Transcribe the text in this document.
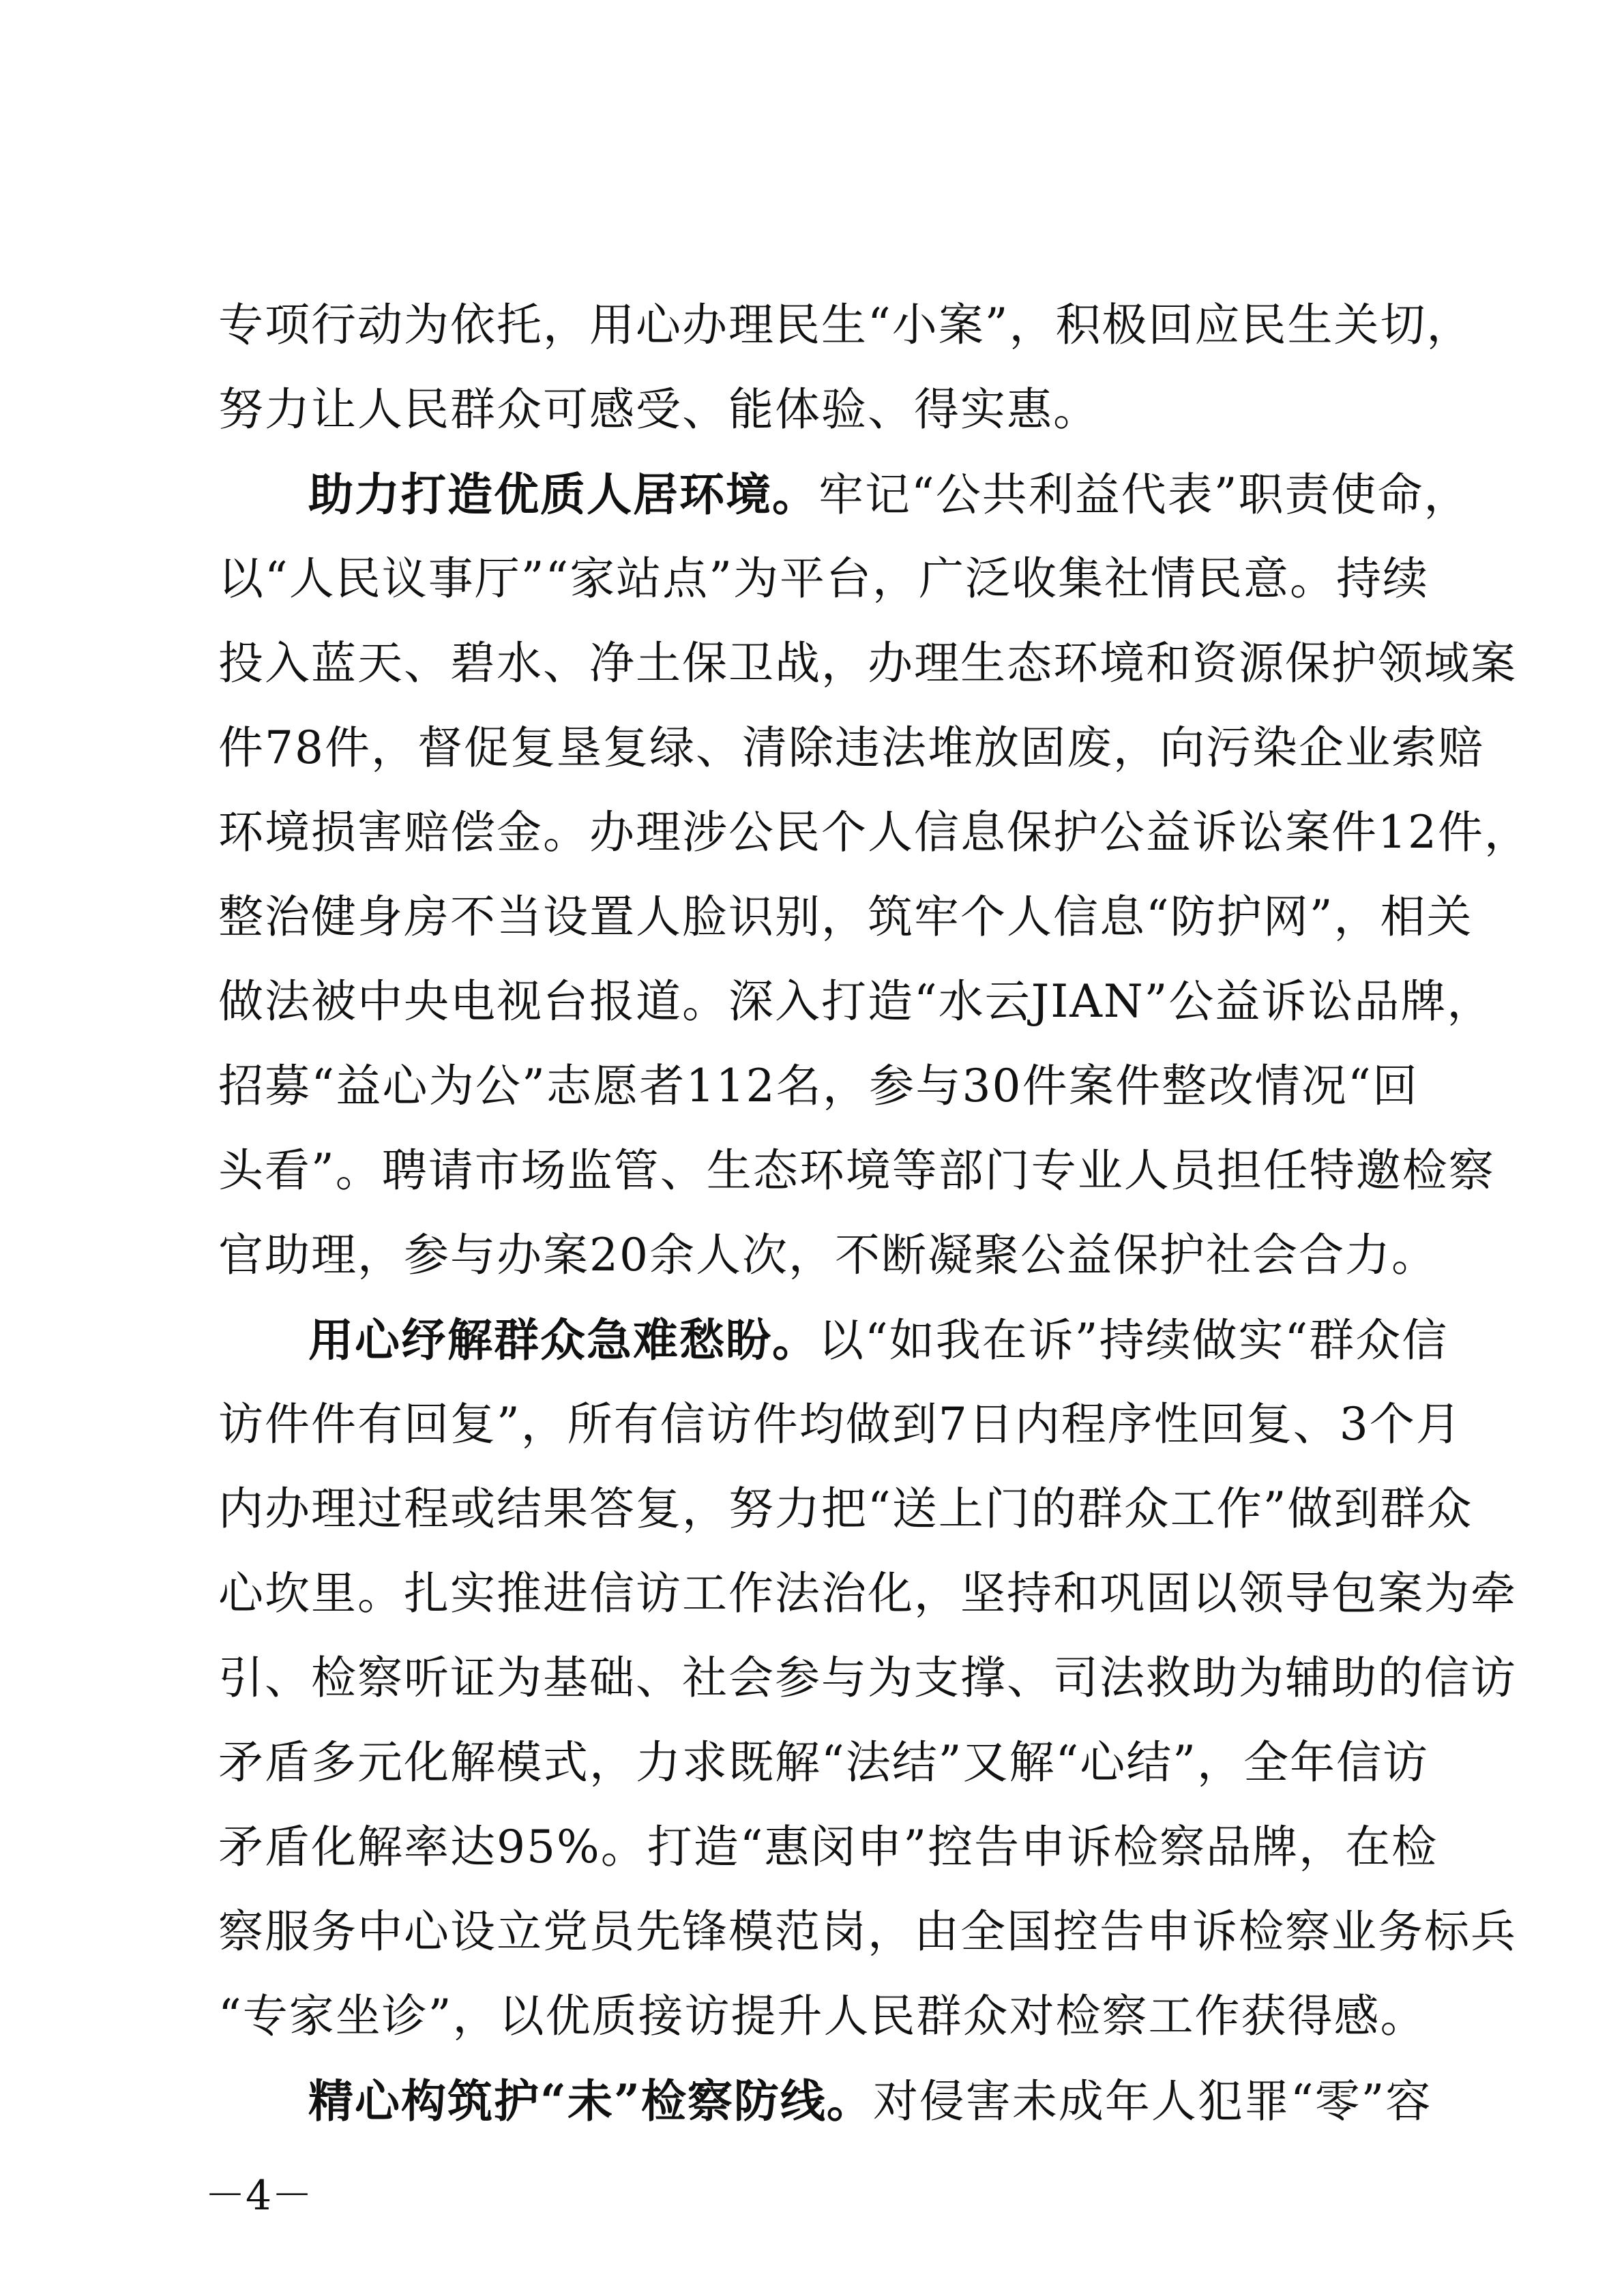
专项行动为依托，用心办理民生“小案”，积极回应民生关切，
努力让人民群众可感受、能体验、得实惠。
助力打造优质人居环境。牢记“公共利益代表”职责使命，
以“人民议事厅”“家站点”为平台，广泛收集社情民意。持续
投入蓝天、碧水、净土保卫战，办理生态环境和资源保护领域案
件78件，督促复垦复绿、清除违法堆放固废，向污染企业索赔
环境损害赔偿金。办理涉公民个人信息保护公益诉讼案件12件，
整治健身房不当设置人脸识别，筑牢个人信息“防护网”，相关
做法被中央电视台报道。深入打造“水云JIAN”公益诉讼品牌，
招募“益心为公”志愿者112名，参与30件案件整改情况“回
头看”。聘请市场监管、生态环境等部门专业人员担任特邀检察
官助理，参与办案20余人次，不断凝聚公益保护社会合力。
用心纾解群众急难愁盼。以“如我在诉”持续做实“群众信
访件件有回复”，所有信访件均做到7日内程序性回复、3个月
内办理过程或结果答复，努力把“送上门的群众工作”做到群众
心坎里。扎实推进信访工作法治化，坚持和巩固以领导包案为牵
引、检察听证为基础、社会参与为支撑、司法救助为辅助的信访
矛盾多元化解模式，力求既解“法结”又解“心结”，全年信访
矛盾化解率达95%。打造“惠闵申”控告申诉检察品牌，在检
察服务中心设立党员先锋模范岗，由全国控告申诉检察业务标兵
“专家坐诊”，以优质接访提升人民群众对检察工作获得感。
精心构筑护“未”检察防线。对侵害未成年人犯罪“零”容
－4－
